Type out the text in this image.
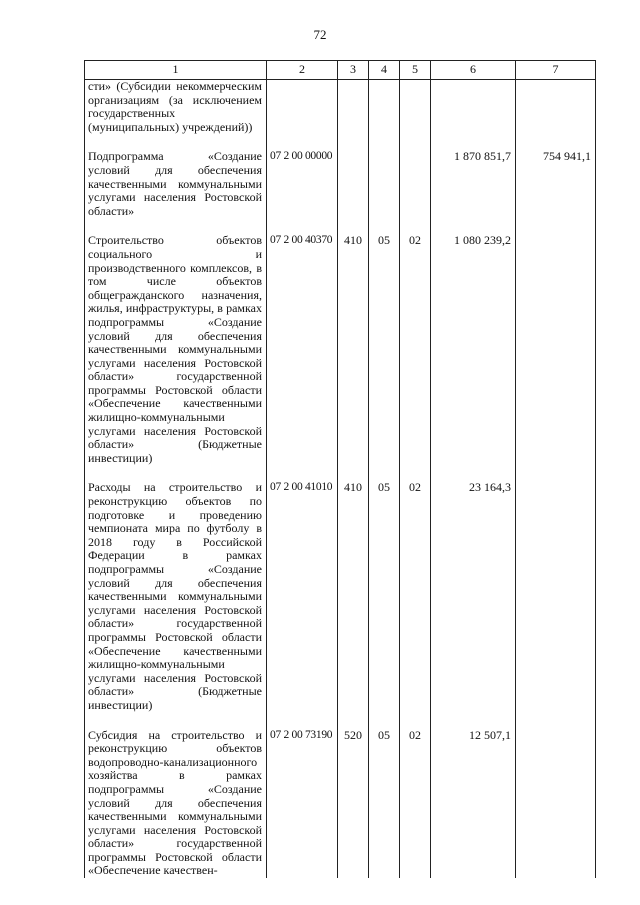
72
1	2	3	4	5	6	7
сти» (Субсидии некоммерческим организациям (за исключением государственных (муниципальных) учреждений))						

Подпрограмма «Создание условий для обеспечения качественными коммунальными услугами населения Ростовской области»	07 2 00 00000				1 870 851,7	754 941,1

Строительство объектов социального и производственного комплексов, в том числе объектов общегражданского назначения, жилья, инфраструктуры, в рамках подпрограммы «Создание условий для обеспечения качественными коммунальными услугами населения Ростовской области» государственной программы Ростовской области «Обеспечение качественными жилищно-коммунальными услугами населения Ростовской области» (Бюджетные инвестиции)	07 2 00 40370	410	05	02	1 080 239,2	

Расходы на строительство и реконструкцию объектов по подготовке и проведению чемпионата мира по футболу в 2018 году в Российской Федерации в рамках подпрограммы «Создание условий для обеспечения качественными коммунальными услугами населения Ростовской области» государственной программы Ростовской области «Обеспечение качественными жилищно-коммунальными услугами населения Ростовской области» (Бюджетные инвестиции)	07 2 00 41010	410	05	02	23 164,3	

Субсидия на строительство и реконструкцию объектов водопроводно-канализационного хозяйства в рамках подпрограммы «Создание условий для обеспечения качественными коммунальными услугами населения Ростовской области» государственной программы Ростовской области «Обеспечение качествен-	07 2 00 73190	520	05	02	12 507,1	
